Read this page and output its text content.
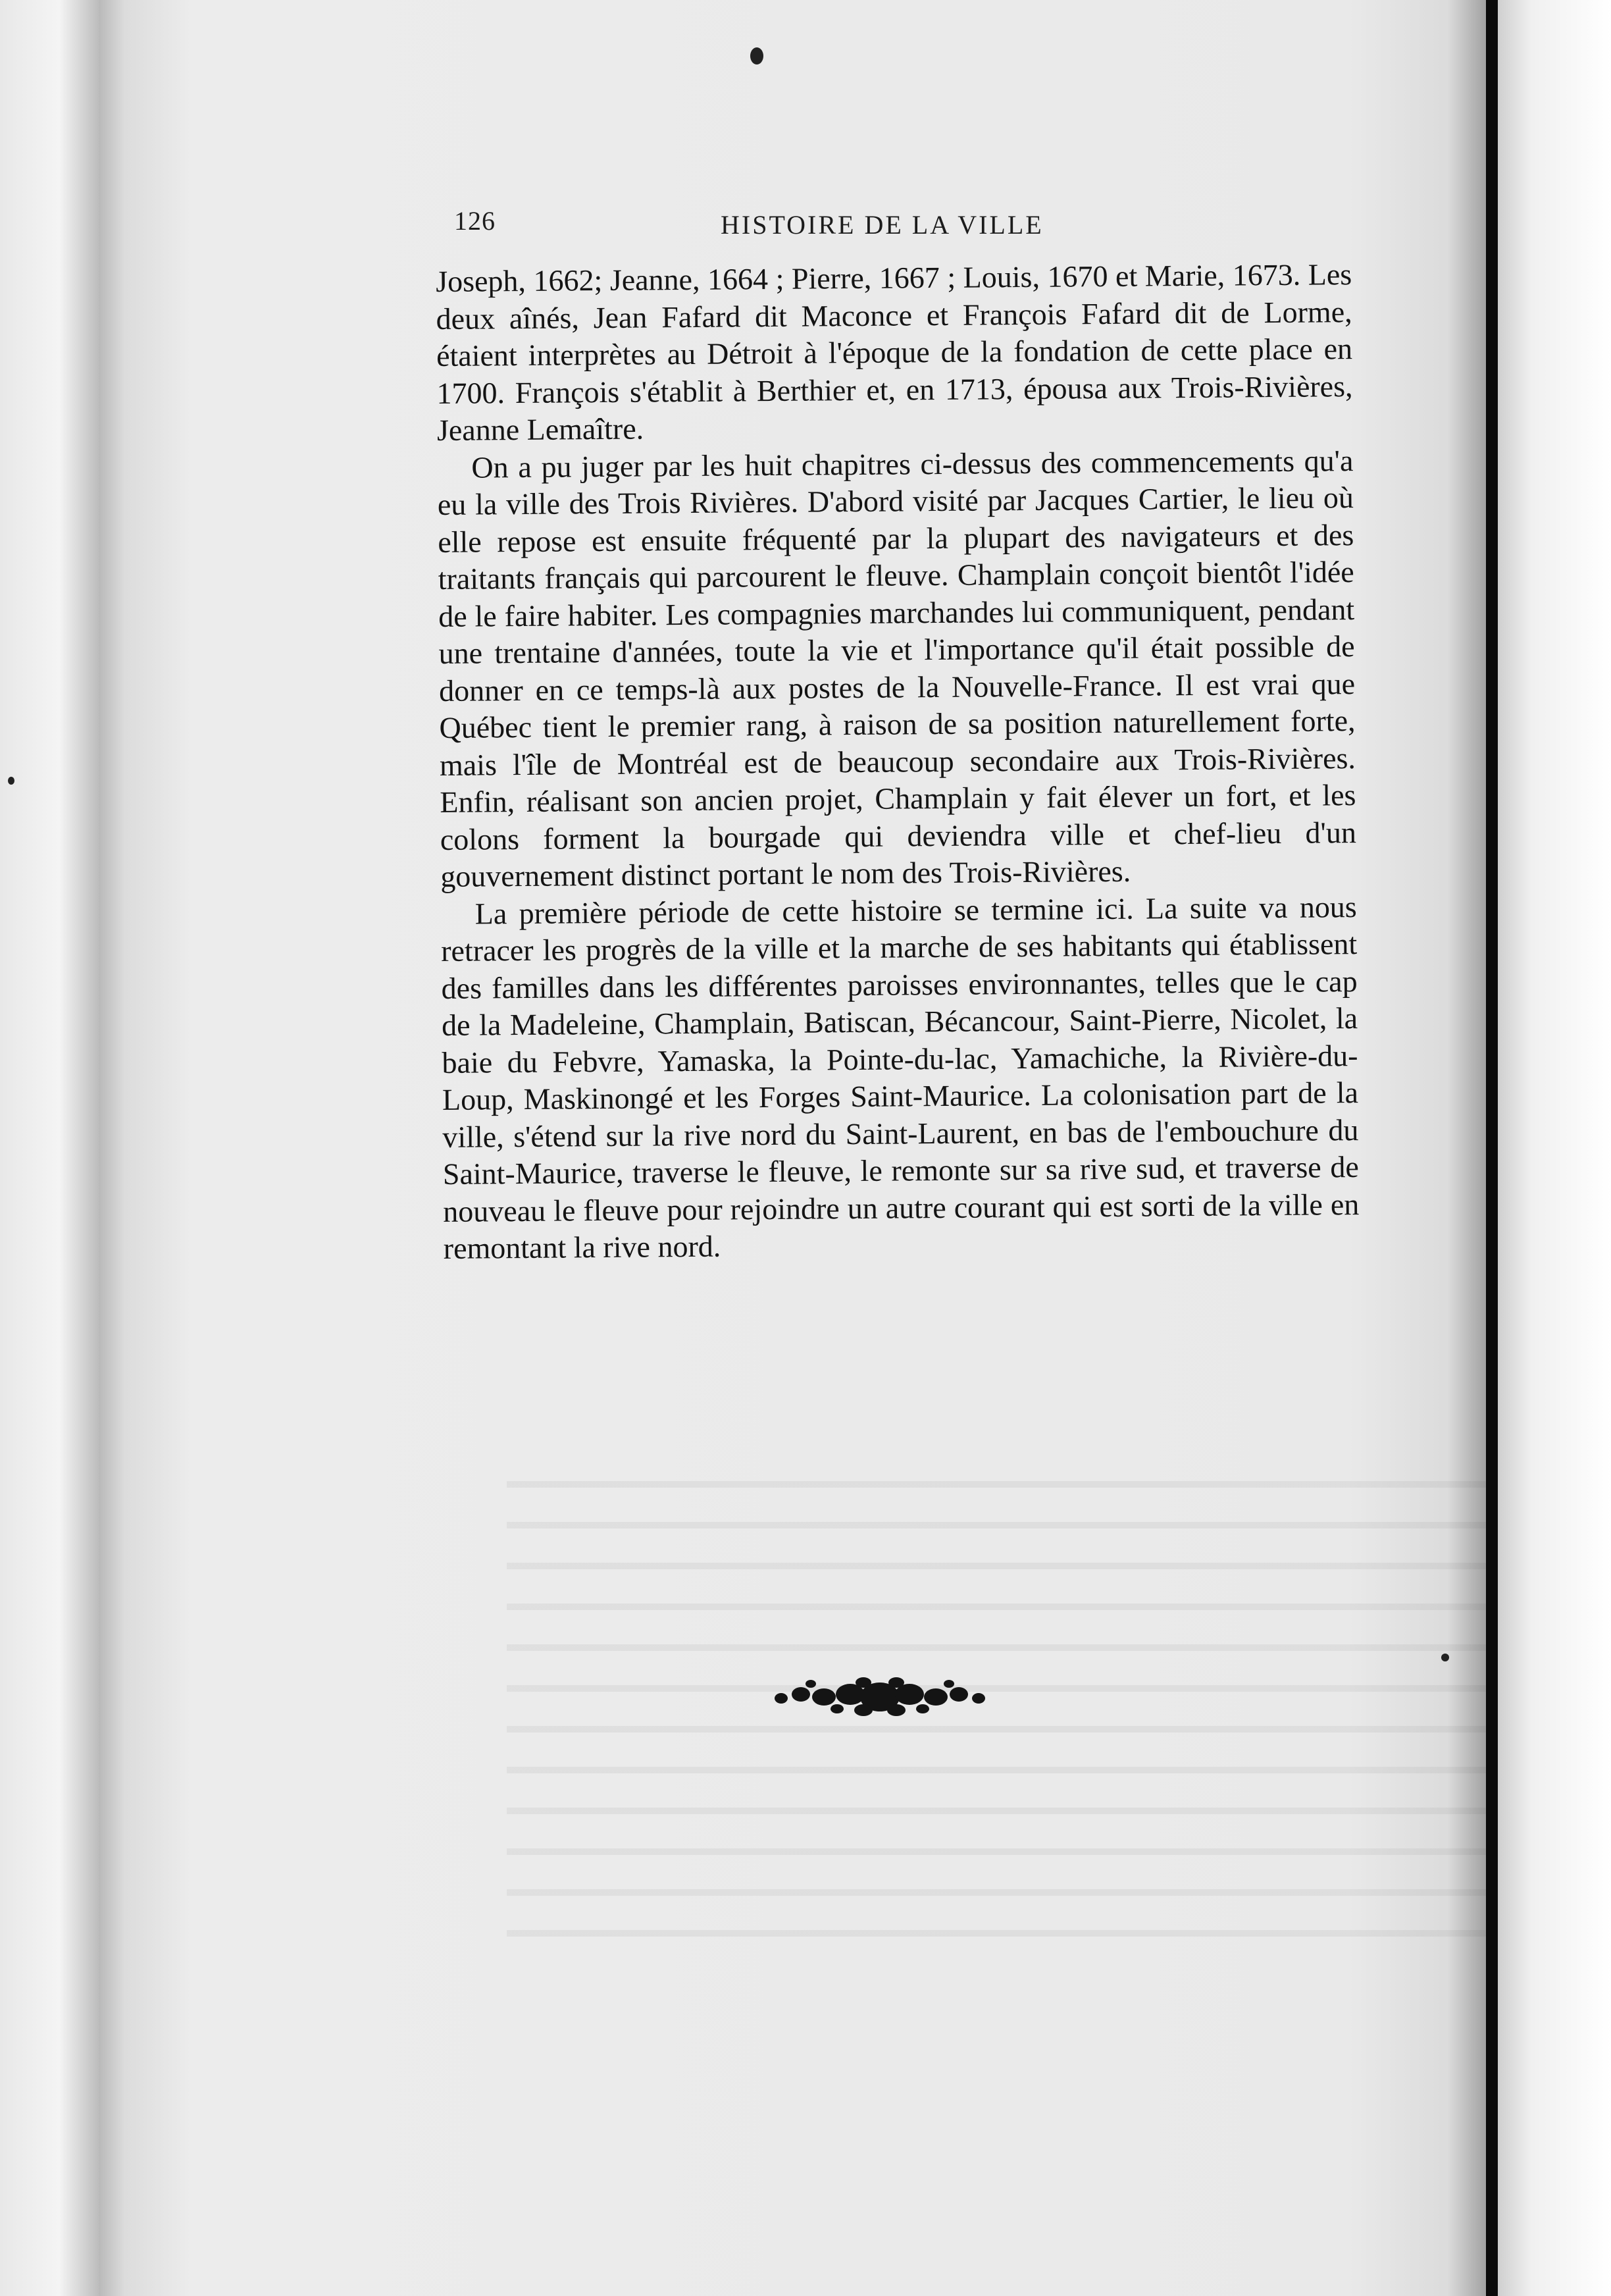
126	HISTOIRE DE LA VILLE

Joseph, 1662; Jeanne, 1664 ; Pierre, 1667 ; Louis, 1670 et Marie, 1673. Les deux aînés, Jean Fafard dit Maconce et François Fafard dit de Lorme, étaient interprètes au Détroit à l'époque de la fondation de cette place en 1700. François s'établit à Berthier et, en 1713, épousa aux Trois-Rivières, Jeanne Lemaître.

On a pu juger par les huit chapitres ci-dessus des commencements qu'a eu la ville des Trois Rivières. D'abord visité par Jacques Cartier, le lieu où elle repose est ensuite fréquenté par la plupart des navigateurs et des traitants français qui parcourent le fleuve. Champlain conçoit bientôt l'idée de le faire habiter. Les compagnies marchandes lui communiquent, pendant une trentaine d'années, toute la vie et l'importance qu'il était possible de donner en ce temps-là aux postes de la Nouvelle-France. Il est vrai que Québec tient le premier rang, à raison de sa position naturellement forte, mais l'île de Montréal est de beaucoup secondaire aux Trois-Rivières. Enfin, réalisant son ancien projet, Champlain y fait élever un fort, et les colons forment la bourgade qui deviendra ville et chef-lieu d'un gouvernement distinct portant le nom des Trois-Rivières.

La première période de cette histoire se termine ici. La suite va nous retracer les progrès de la ville et la marche de ses habitants qui établissent des familles dans les différentes paroisses environnantes, telles que le cap de la Madeleine, Champlain, Batiscan, Bécancour, Saint-Pierre, Nicolet, la baie du Febvre, Yamaska, la Pointe-du-lac, Yamachiche, la Rivière-du-Loup, Maskinongé et les Forges Saint-Maurice. La colonisation part de la ville, s'étend sur la rive nord du Saint-Laurent, en bas de l'embouchure du Saint-Maurice, traverse le fleuve, le remonte sur sa rive sud, et traverse de nouveau le fleuve pour rejoindre un autre courant qui est sorti de la ville en remontant la rive nord.
